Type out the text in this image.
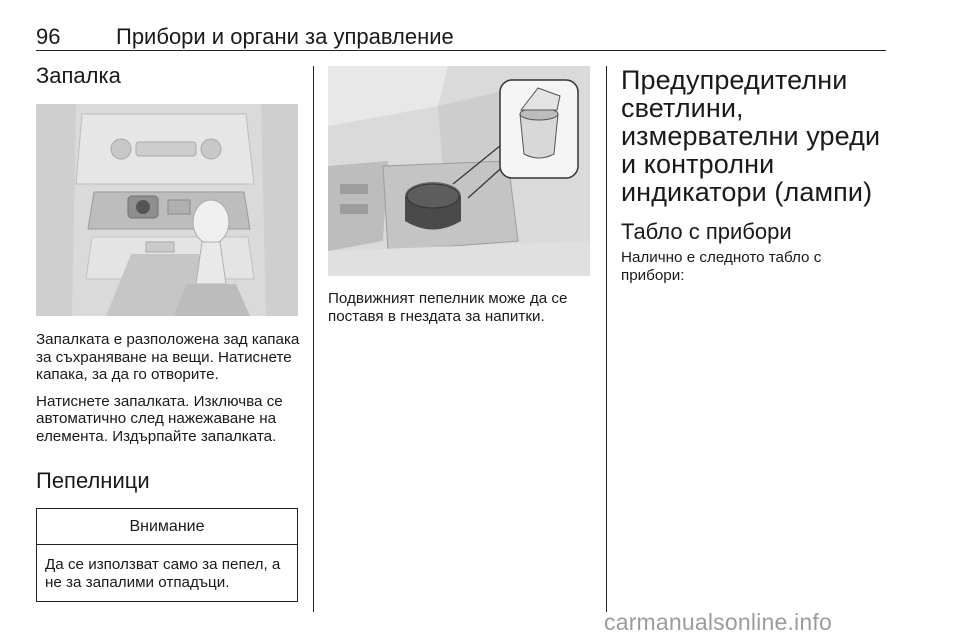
96	Прибори и органи за управление
Запалка

Запалката е разположена зад капака за съхраняване на вещи. Натиснете капака, за да го отворите.

Натиснете запалката. Изключва се автоматично след нажежаване на елемента. Издърпайте запалката.

Пепелници
Внимание
Да се използват само за пепел, а не за запалими отпадъци.

Подвижният пепелник може да се поставя в гнездата за напитки.

Предупредителни светлини, измервателни уреди и контролни индикатори (лампи)
Табло с прибори

Налично е следното табло с прибори:

carmanualsonline.info
